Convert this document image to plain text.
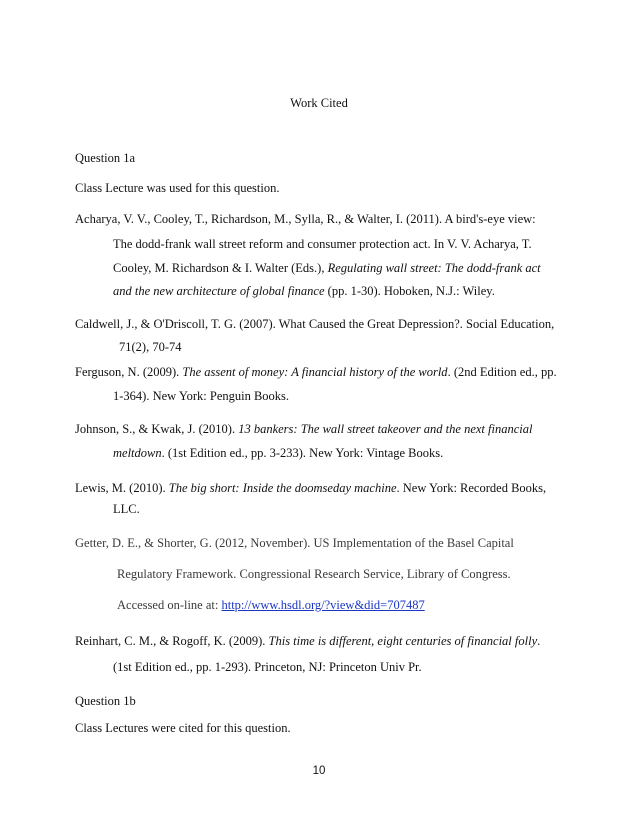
Work Cited
Question 1a
Class Lecture was used for this question.
Acharya, V. V., Cooley, T., Richardson, M., Sylla, R., & Walter, I. (2011). A bird's-eye view:
The dodd-frank wall street reform and consumer protection act. In V. V. Acharya, T.
Cooley, M. Richardson & I. Walter (Eds.), Regulating wall street: The dodd-frank act
and the new architecture of global finance (pp. 1-30). Hoboken, N.J.: Wiley.
Caldwell, J., & O'Driscoll, T. G. (2007). What Caused the Great Depression?. Social Education,
71(2), 70-74
Ferguson, N. (2009). The assent of money: A financial history of the world. (2nd Edition ed., pp.
1-364). New York: Penguin Books.
Johnson, S., & Kwak, J. (2010). 13 bankers: The wall street takeover and the next financial
meltdown. (1st Edition ed., pp. 3-233). New York: Vintage Books.
Lewis, M. (2010). The big short: Inside the doomseday machine. New York: Recorded Books,
LLC.
Getter, D. E., & Shorter, G. (2012, November). US Implementation of the Basel Capital
Regulatory Framework. Congressional Research Service, Library of Congress.
Accessed on-line at: http://www.hsdl.org/?view&did=707487
Reinhart, C. M., & Rogoff, K. (2009). This time is different, eight centuries of financial folly.
(1st Edition ed., pp. 1-293). Princeton, NJ: Princeton Univ Pr.
Question 1b
Class Lectures were cited for this question.
10
